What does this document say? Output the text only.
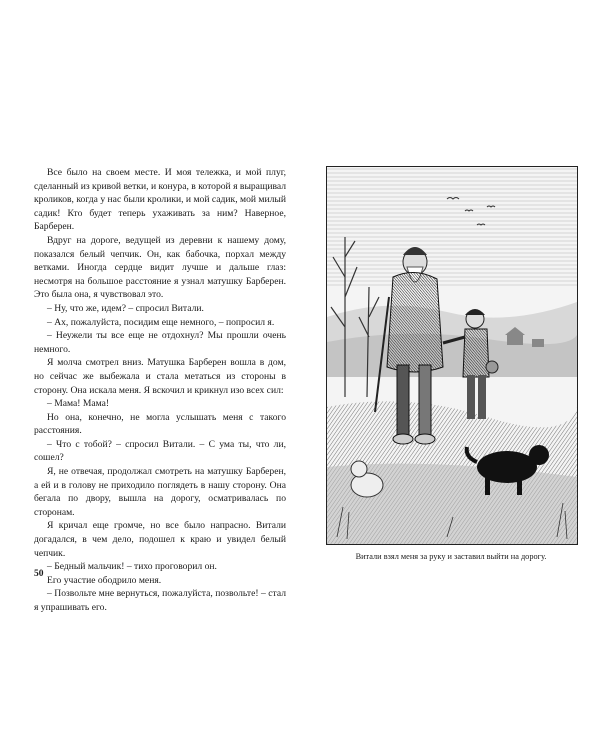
Все было на своем месте. И моя тележка, и мой плуг, сделанный из кривой ветки, и конура, в которой я выращивал кроликов, когда у нас были кролики, и мой садик, мой милый садик! Кто будет теперь ухаживать за ним? Наверное, Барберен.

Вдруг на дороге, ведущей из деревни к нашему дому, показался белый чепчик. Он, как бабочка, порхал между ветками. Иногда сердце видит лучше и дальше глаз: несмотря на большое расстояние я узнал матушку Барберен. Это была она, я чувствовал это.

– Ну, что же, идем? – спросил Витали.

– Ах, пожалуйста, посидим еще немного, – попросил я.

– Неужели ты все еще не отдохнул? Мы прошли очень немного.

Я молча смотрел вниз. Матушка Барберен вошла в дом, но сейчас же выбежала и стала метаться из стороны в сторону. Она искала меня. Я вскочил и крикнул изо всех сил:

– Мама! Мама!

Но она, конечно, не могла услышать меня с такого расстояния.

– Что с тобой? – спросил Витали. – С ума ты, что ли, сошел?

Я, не отвечая, продолжал смотреть на матушку Барберен, а ей и в голову не приходило поглядеть в нашу сторону. Она бегала по двору, вышла на дорогу, осматривалась по сторонам.

Я кричал еще громче, но все было напрасно. Витали догадался, в чем дело, подошел к краю и увидел белый чепчик.

– Бедный мальчик! – тихо проговорил он.

Его участие ободрило меня.

– Позвольте мне вернуться, пожалуйста, позвольте! – стал я упрашивать его.

50
Витали взял меня за руку и заставил выйти на дорогу.
